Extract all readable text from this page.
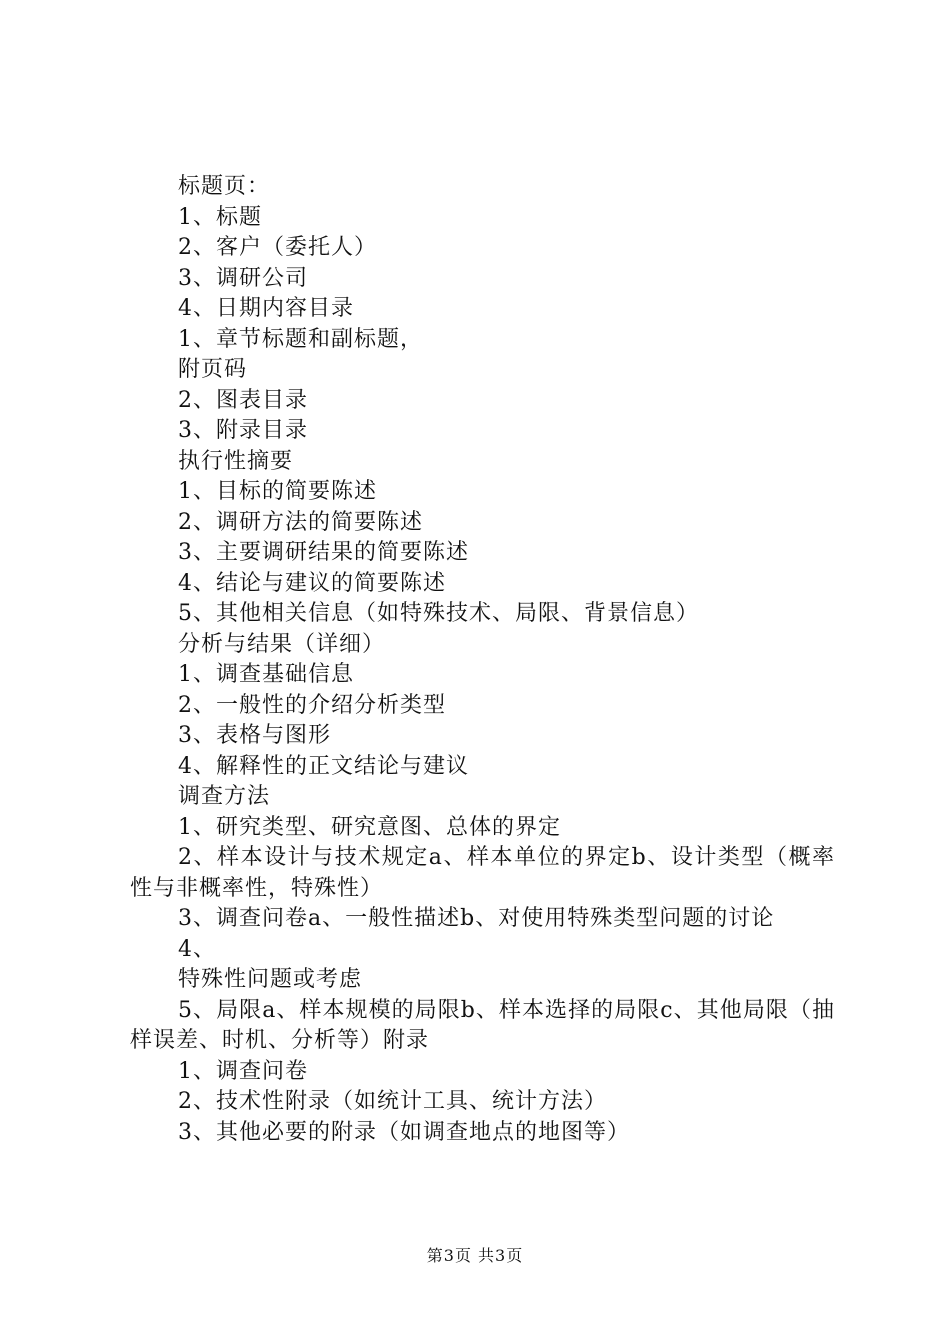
标题页：
1、标题
2、客户（委托人）
3、调研公司
4、日期内容目录
1、章节标题和副标题，
附页码
2、图表目录
3、附录目录
执行性摘要
1、目标的简要陈述
2、调研方法的简要陈述
3、主要调研结果的简要陈述
4、结论与建议的简要陈述
5、其他相关信息（如特殊技术、局限、背景信息）
分析与结果（详细）
1、调查基础信息
2、一般性的介绍分析类型
3、表格与图形
4、解释性的正文结论与建议
调查方法
1、研究类型、研究意图、总体的界定
2、样本设计与技术规定a、样本单位的界定b、设计类型（概率性与非概率性，特殊性）
3、调查问卷a、一般性描述b、对使用特殊类型问题的讨论
4、
特殊性问题或考虑
5、局限a、样本规模的局限b、样本选择的局限c、其他局限（抽样误差、时机、分析等）附录
1、调查问卷
2、技术性附录（如统计工具、统计方法）
3、其他必要的附录（如调查地点的地图等）
第3页 共3页
